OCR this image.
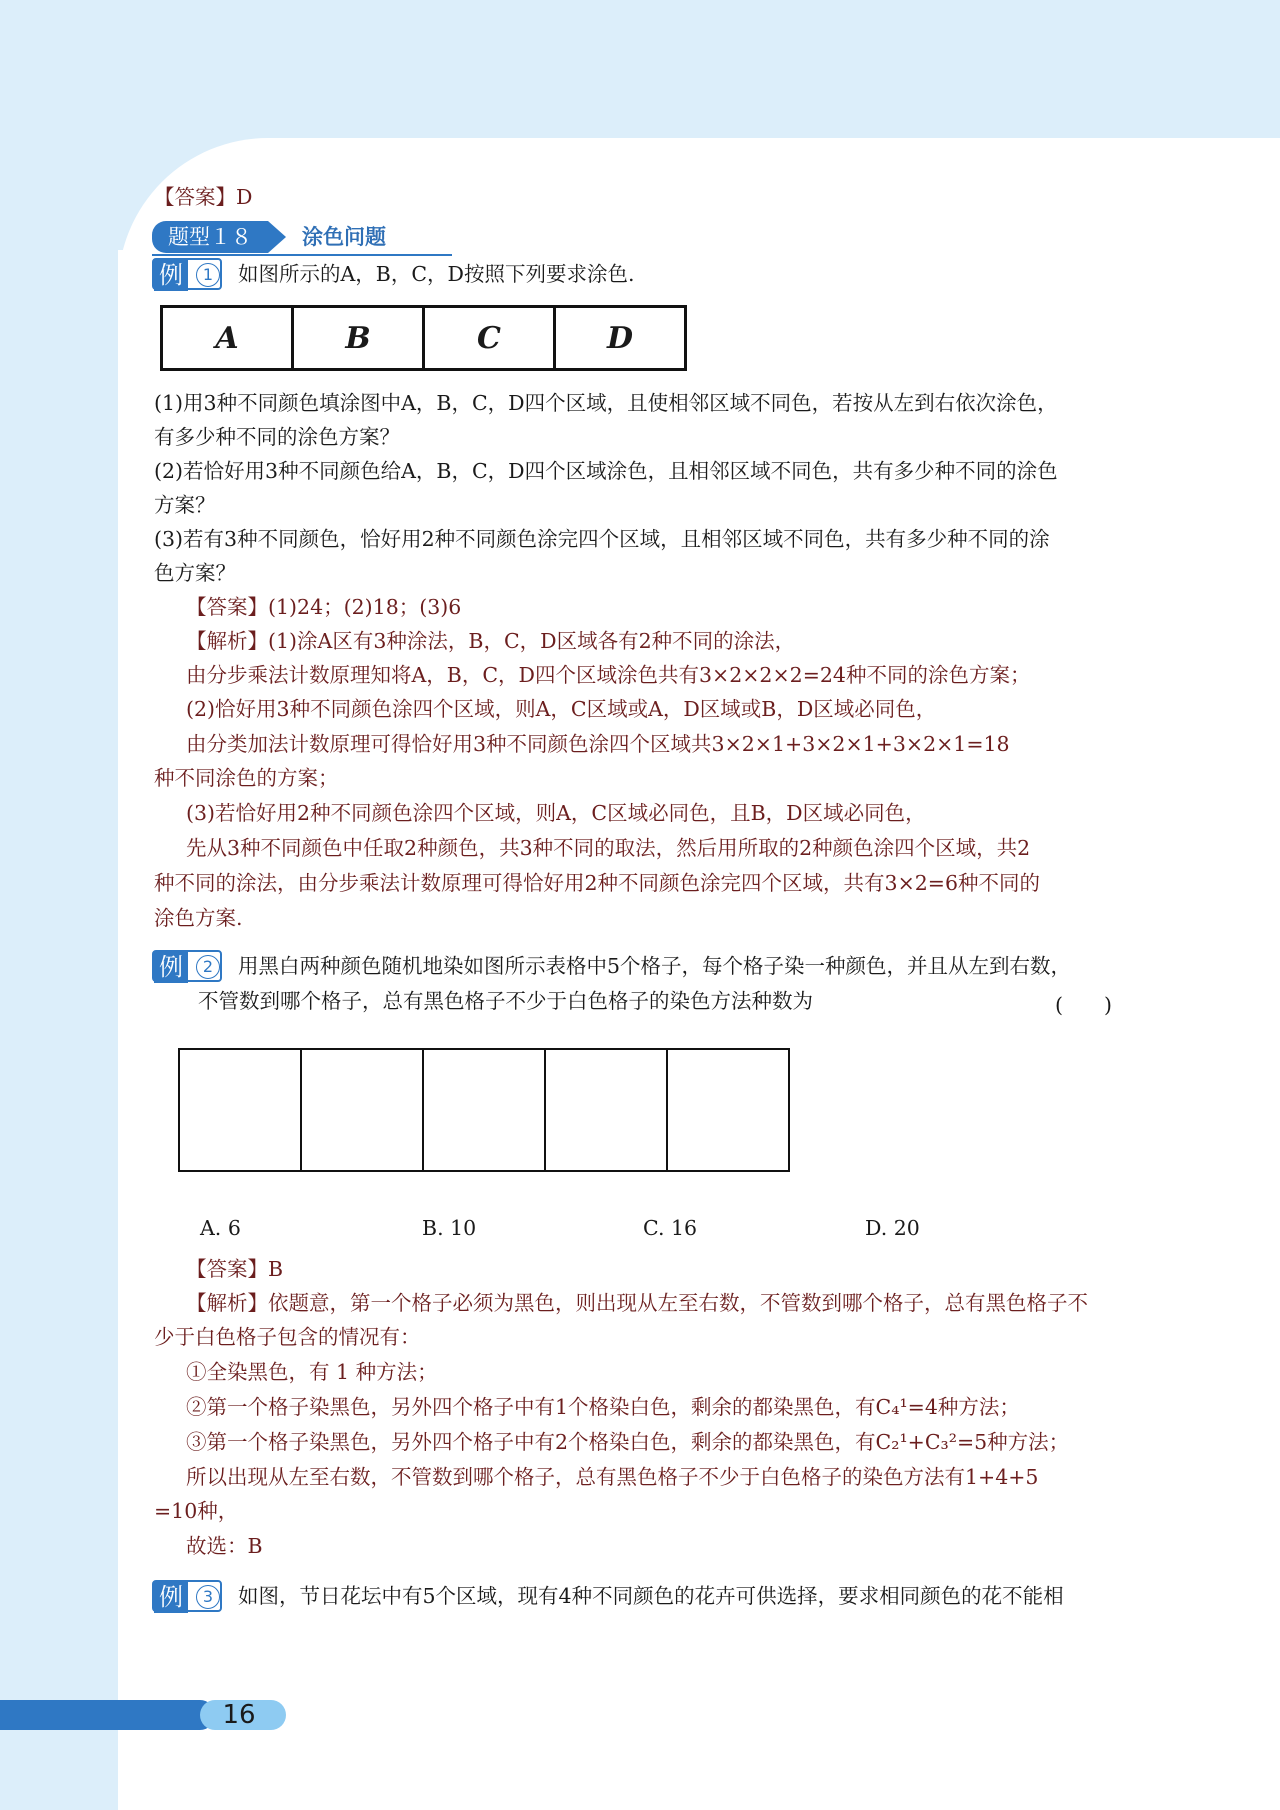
【答案】D
题型１８	涂色问题
例	1	如图所示的A，B，C，D按照下列要求涂色.
A	B	C	D
(1)用3种不同颜色填涂图中A，B，C，D四个区域，且使相邻区域不同色，若按从左到右依次涂色，
有多少种不同的涂色方案？
(2)若恰好用3种不同颜色给A，B，C，D四个区域涂色，且相邻区域不同色，共有多少种不同的涂色
方案？
(3)若有3种不同颜色，恰好用2种不同颜色涂完四个区域，且相邻区域不同色，共有多少种不同的涂
色方案？
【答案】(1)24；(2)18；(3)6
【解析】(1)涂A区有3种涂法，B，C，D区域各有2种不同的涂法，
由分步乘法计数原理知将A，B，C，D四个区域涂色共有3×2×2×2=24种不同的涂色方案；
(2)恰好用3种不同颜色涂四个区域，则A，C区域或A，D区域或B，D区域必同色，
由分类加法计数原理可得恰好用3种不同颜色涂四个区域共3×2×1+3×2×1+3×2×1=18
种不同涂色的方案；
(3)若恰好用2种不同颜色涂四个区域，则A，C区域必同色，且B，D区域必同色，
先从3种不同颜色中任取2种颜色，共3种不同的取法，然后用所取的2种颜色涂四个区域，共2
种不同的涂法，由分步乘法计数原理可得恰好用2种不同颜色涂完四个区域，共有3×2=6种不同的
涂色方案.
例	2	用黑白两种颜色随机地染如图所示表格中5个格子，每个格子染一种颜色，并且从左到右数，
不管数到哪个格子，总有黑色格子不少于白色格子的染色方法种数为	(　　)

A. 6	B. 10	C. 16	D. 20
【答案】B
【解析】依题意，第一个格子必须为黑色，则出现从左至右数，不管数到哪个格子，总有黑色格子不
少于白色格子包含的情况有：
①全染黑色，有 1 种方法；
②第一个格子染黑色，另外四个格子中有1个格染白色，剩余的都染黑色，有C₄¹=4种方法；
③第一个格子染黑色，另外四个格子中有2个格染白色，剩余的都染黑色，有C₂¹+C₃²=5种方法；
所以出现从左至右数，不管数到哪个格子，总有黑色格子不少于白色格子的染色方法有1+4+5
=10种，
故选：B
例	3	如图，节日花坛中有5个区域，现有4种不同颜色的花卉可供选择，要求相同颜色的花不能相
16
